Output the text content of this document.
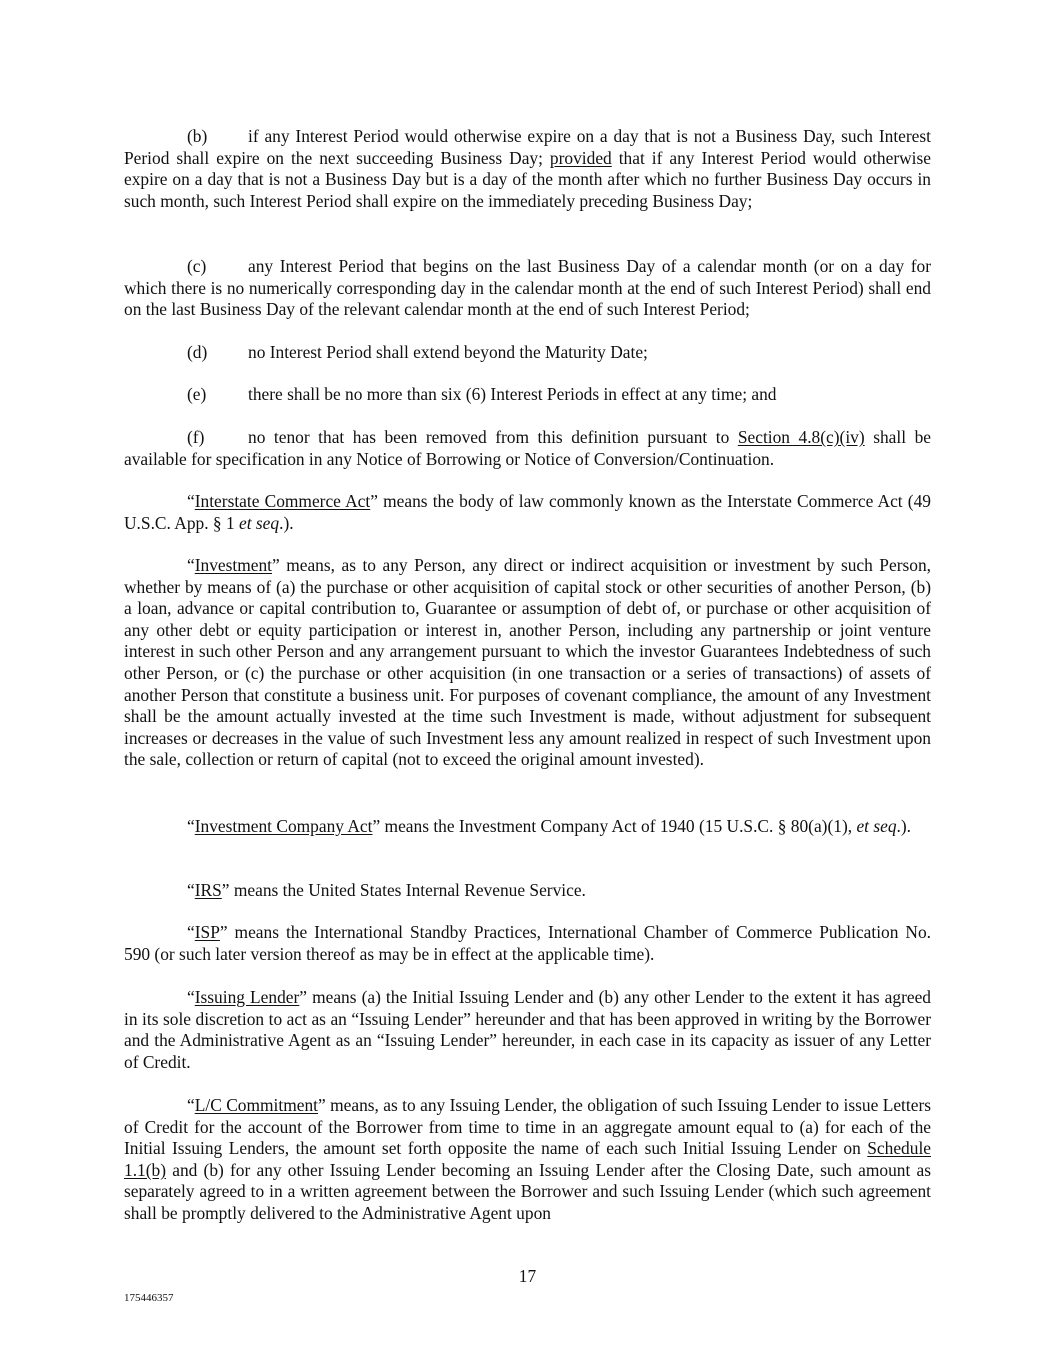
(b) if any Interest Period would otherwise expire on a day that is not a Business Day, such Interest Period shall expire on the next succeeding Business Day; provided that if any Interest Period would otherwise expire on a day that is not a Business Day but is a day of the month after which no further Business Day occurs in such month, such Interest Period shall expire on the immediately preceding Business Day;

(c) any Interest Period that begins on the last Business Day of a calendar month (or on a day for which there is no numerically corresponding day in the calendar month at the end of such Interest Period) shall end on the last Business Day of the relevant calendar month at the end of such Interest Period;

(d) no Interest Period shall extend beyond the Maturity Date;

(e) there shall be no more than six (6) Interest Periods in effect at any time; and

(f)	no tenor that has been removed from this definition pursuant to Section 4.8(c)(iv) shall be available for specification in any Notice of Borrowing or Notice of Conversion/Continuation.

“Interstate Commerce Act” means the body of law commonly known as the Interstate Commerce Act (49 U.S.C. App. § 1 et seq.).

“Investment” means, as to any Person, any direct or indirect acquisition or investment by such Person, whether by means of (a) the purchase or other acquisition of capital stock or other securities of another Person, (b) a loan, advance or capital contribution to, Guarantee or assumption of debt of, or purchase or other acquisition of any other debt or equity participation or interest in, another Person, including any partnership or joint venture interest in such other Person and any arrangement pursuant to which the investor Guarantees Indebtedness of such other Person, or (c) the purchase or other acquisition (in one transaction or a series of transactions) of assets of another Person that constitute a business unit. For purposes of covenant compliance, the amount of any Investment shall be the amount actually invested at the time such Investment is made, without adjustment for subsequent increases or decreases in the value of such Investment less any amount realized in respect of such Investment upon the sale, collection or return of capital (not to exceed the original amount invested).

“Investment Company Act” means the Investment Company Act of 1940 (15 U.S.C. § 80(a)(1), et seq.).

“IRS” means the United States Internal Revenue Service.

“ISP” means the International Standby Practices, International Chamber of Commerce Publication No. 590 (or such later version thereof as may be in effect at the applicable time).

“Issuing Lender” means (a) the Initial Issuing Lender and (b) any other Lender to the extent it has agreed in its sole discretion to act as an “Issuing Lender” hereunder and that has been approved in writing by the Borrower and the Administrative Agent as an “Issuing Lender” hereunder, in each case in its capacity as issuer of any Letter of Credit.

“L/C Commitment” means, as to any Issuing Lender, the obligation of such Issuing Lender to issue Letters of Credit for the account of the Borrower from time to time in an aggregate amount equal to (a) for each of the Initial Issuing Lenders, the amount set forth opposite the name of each such Initial Issuing Lender on Schedule 1.1(b) and (b) for any other Issuing Lender becoming an Issuing Lender after the Closing Date, such amount as separately agreed to in a written agreement between the Borrower and such Issuing Lender (which such agreement shall be promptly delivered to the Administrative Agent upon

17
175446357
